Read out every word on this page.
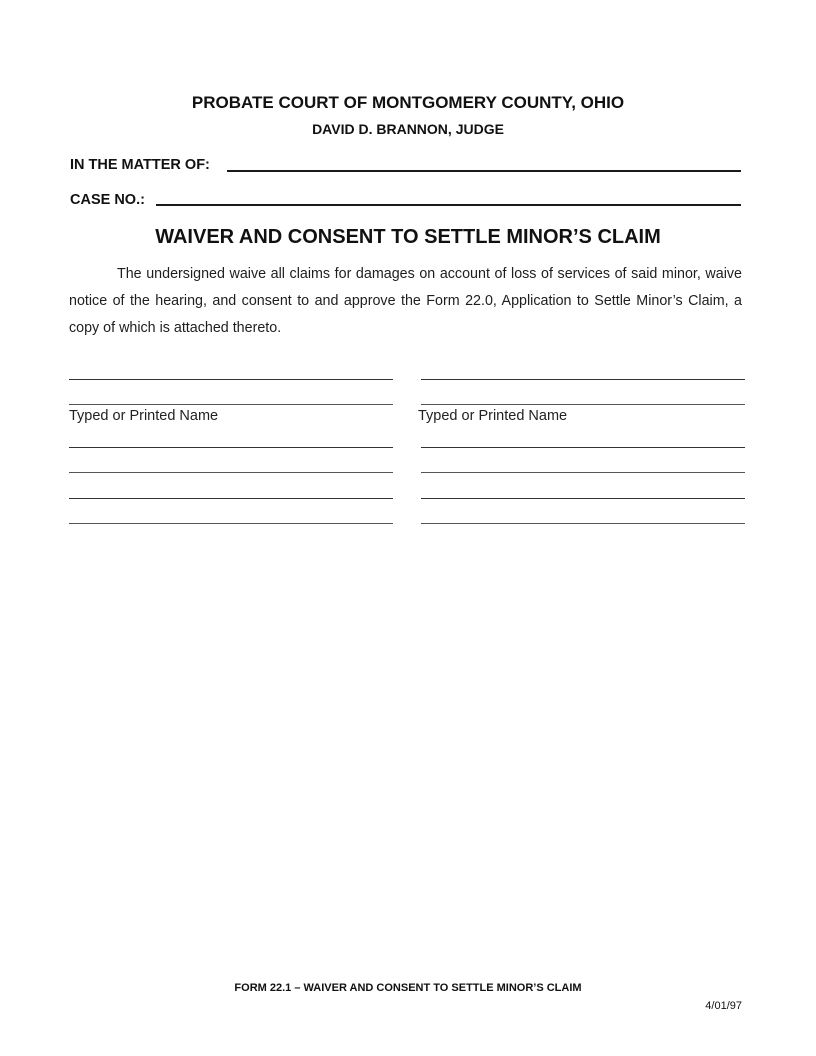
PROBATE COURT OF MONTGOMERY COUNTY, OHIO
DAVID D. BRANNON, JUDGE
IN THE MATTER OF:
CASE NO.:
WAIVER AND CONSENT TO SETTLE MINOR’S CLAIM
The undersigned waive all claims for damages on account of loss of services of said minor, waive notice of the hearing, and consent to and approve the Form 22.0, Application to Settle Minor’s Claim, a copy of which is attached thereto.
Typed or Printed Name	Typed or Printed Name
FORM 22.1 – WAIVER AND CONSENT TO SETTLE MINOR’S CLAIM
4/01/97
